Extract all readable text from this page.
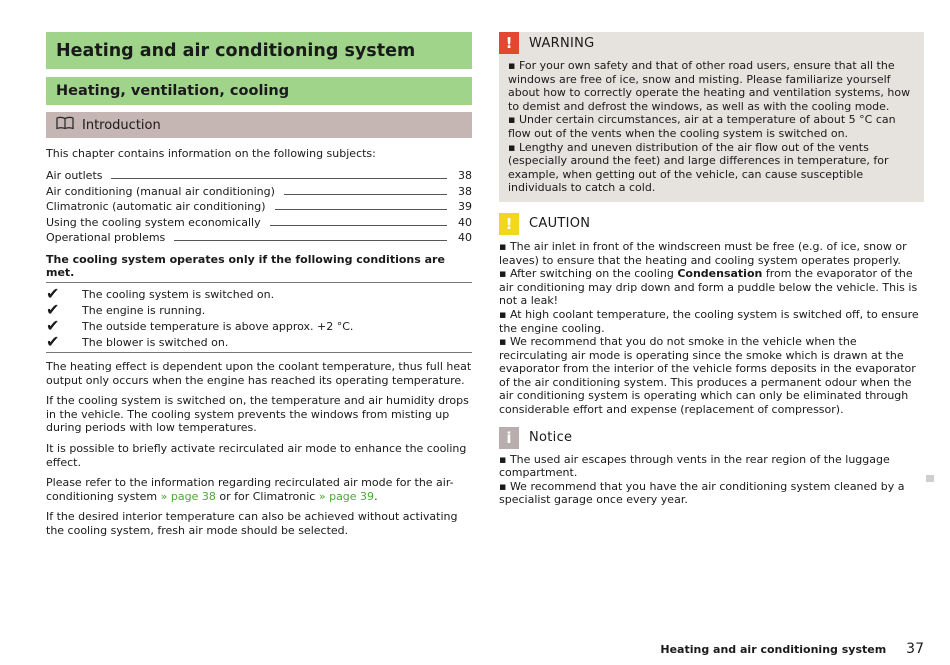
Heating and air conditioning system
Heating, ventilation, cooling
Introduction

This chapter contains information on the following subjects:

Air outlets	38
Air conditioning (manual air conditioning)	38
Climatronic (automatic air conditioning)	39
Using the cooling system economically	40
Operational problems	40
The cooling system operates only if the following conditions are met.
✔	The cooling system is switched on.
✔	The engine is running.
✔	The outside temperature is above approx. +2 °C.
✔	The blower is switched on.

The heating effect is dependent upon the coolant temperature, thus full heat output only occurs when the engine has reached its operating temperature.

If the cooling system is switched on, the temperature and air humidity drops in the vehicle. The cooling system prevents the windows from misting up during periods with low temperatures.

It is possible to briefly activate recirculated air mode to enhance the cooling effect.

Please refer to the information regarding recirculated air mode for the air-conditioning system » page 38 or for Climatronic » page 39.

If the desired interior temperature can also be achieved without activating the cooling system, fresh air mode should be selected.

!	WARNING

▪ For your own safety and that of other road users, ensure that all the windows are free of ice, snow and misting. Please familiarize yourself about how to correctly operate the heating and ventilation systems, how to demist and defrost the windows, as well as with the cooling mode.

▪ Under certain circumstances, air at a temperature of about 5 °C can flow out of the vents when the cooling system is switched on.

▪ Lengthy and uneven distribution of the air flow out of the vents (especially around the feet) and large differences in temperature, for example, when getting out of the vehicle, can cause susceptible individuals to catch a cold.

!	CAUTION

▪ The air inlet in front of the windscreen must be free (e.g. of ice, snow or leaves) to ensure that the heating and cooling system operates properly.

▪ After switching on the cooling Condensation from the evaporator of the air conditioning may drip down and form a puddle below the vehicle. This is not a leak!

▪ At high coolant temperature, the cooling system is switched off, to ensure the engine cooling.

▪ We recommend that you do not smoke in the vehicle when the recirculating air mode is operating since the smoke which is drawn at the evaporator from the interior of the vehicle forms deposits in the evaporator of the air conditioning system. This produces a permanent odour when the air conditioning system is operating which can only be eliminated through considerable effort and expense (replacement of compressor).

i	Notice

▪ The used air escapes through vents in the rear region of the luggage compartment.

▪ We recommend that you have the air conditioning system cleaned by a specialist garage once every year.

Heating and air conditioning system 37
